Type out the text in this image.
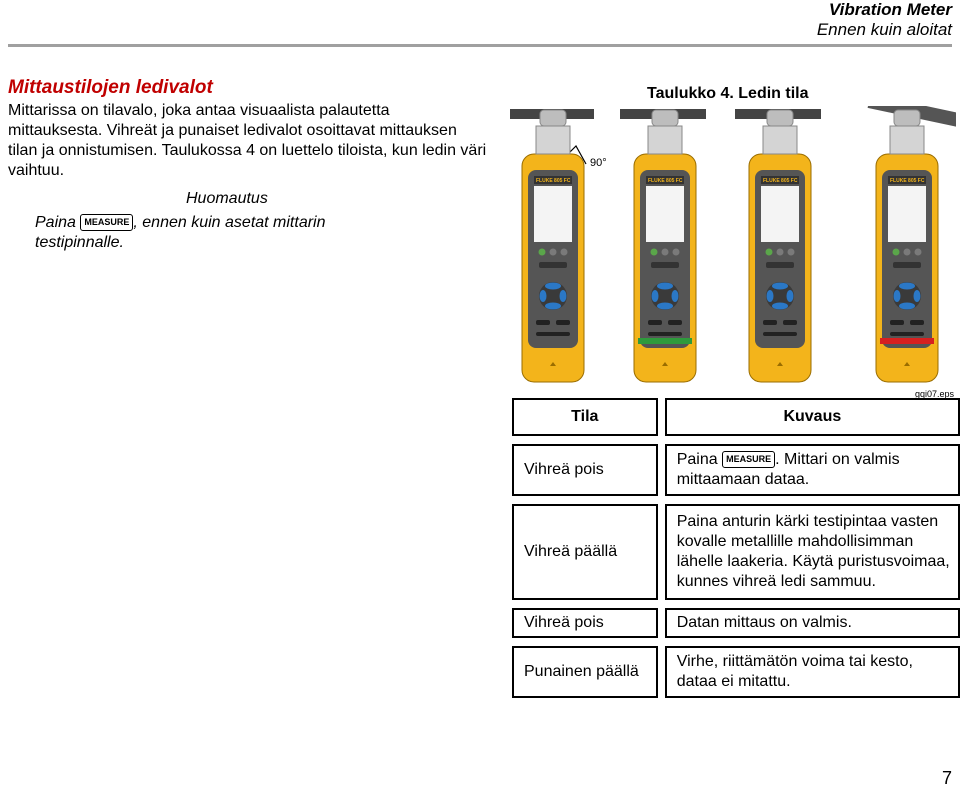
Vibration Meter
Ennen kuin aloitat
Mittaustilojen ledivalot
Mittarissa on tilavalo, joka antaa visuaalista palautetta mittauksesta. Vihreät ja punaiset ledivalot osoittavat mittauksen tilan ja onnistumisen. Taulukossa 4 on luettelo tiloista, kun ledin väri vaihtuu.
Huomautus
Paina MEASURE , ennen kuin asetat mittarin testipinnalle.
Taulukko 4. Ledin tila
90°
FLUKE 805 FC	FLUKE 805 FC	FLUKE 805 FC	FLUKE 805 FC
gqi07.eps
Tila		Kuvaus

Vihreä pois		Paina MEASURE . Mittari on valmis mittaamaan dataa.

Vihreä päällä		Paina anturin kärki testipintaa vasten kovalle metallille mahdollisimman lähelle laakeria. Käytä puristusvoimaa, kunnes vihreä ledi sammuu.

Vihreä pois		Datan mittaus on valmis.

Punainen päällä		Virhe, riittämätön voima tai kesto, dataa ei mitattu.
7
